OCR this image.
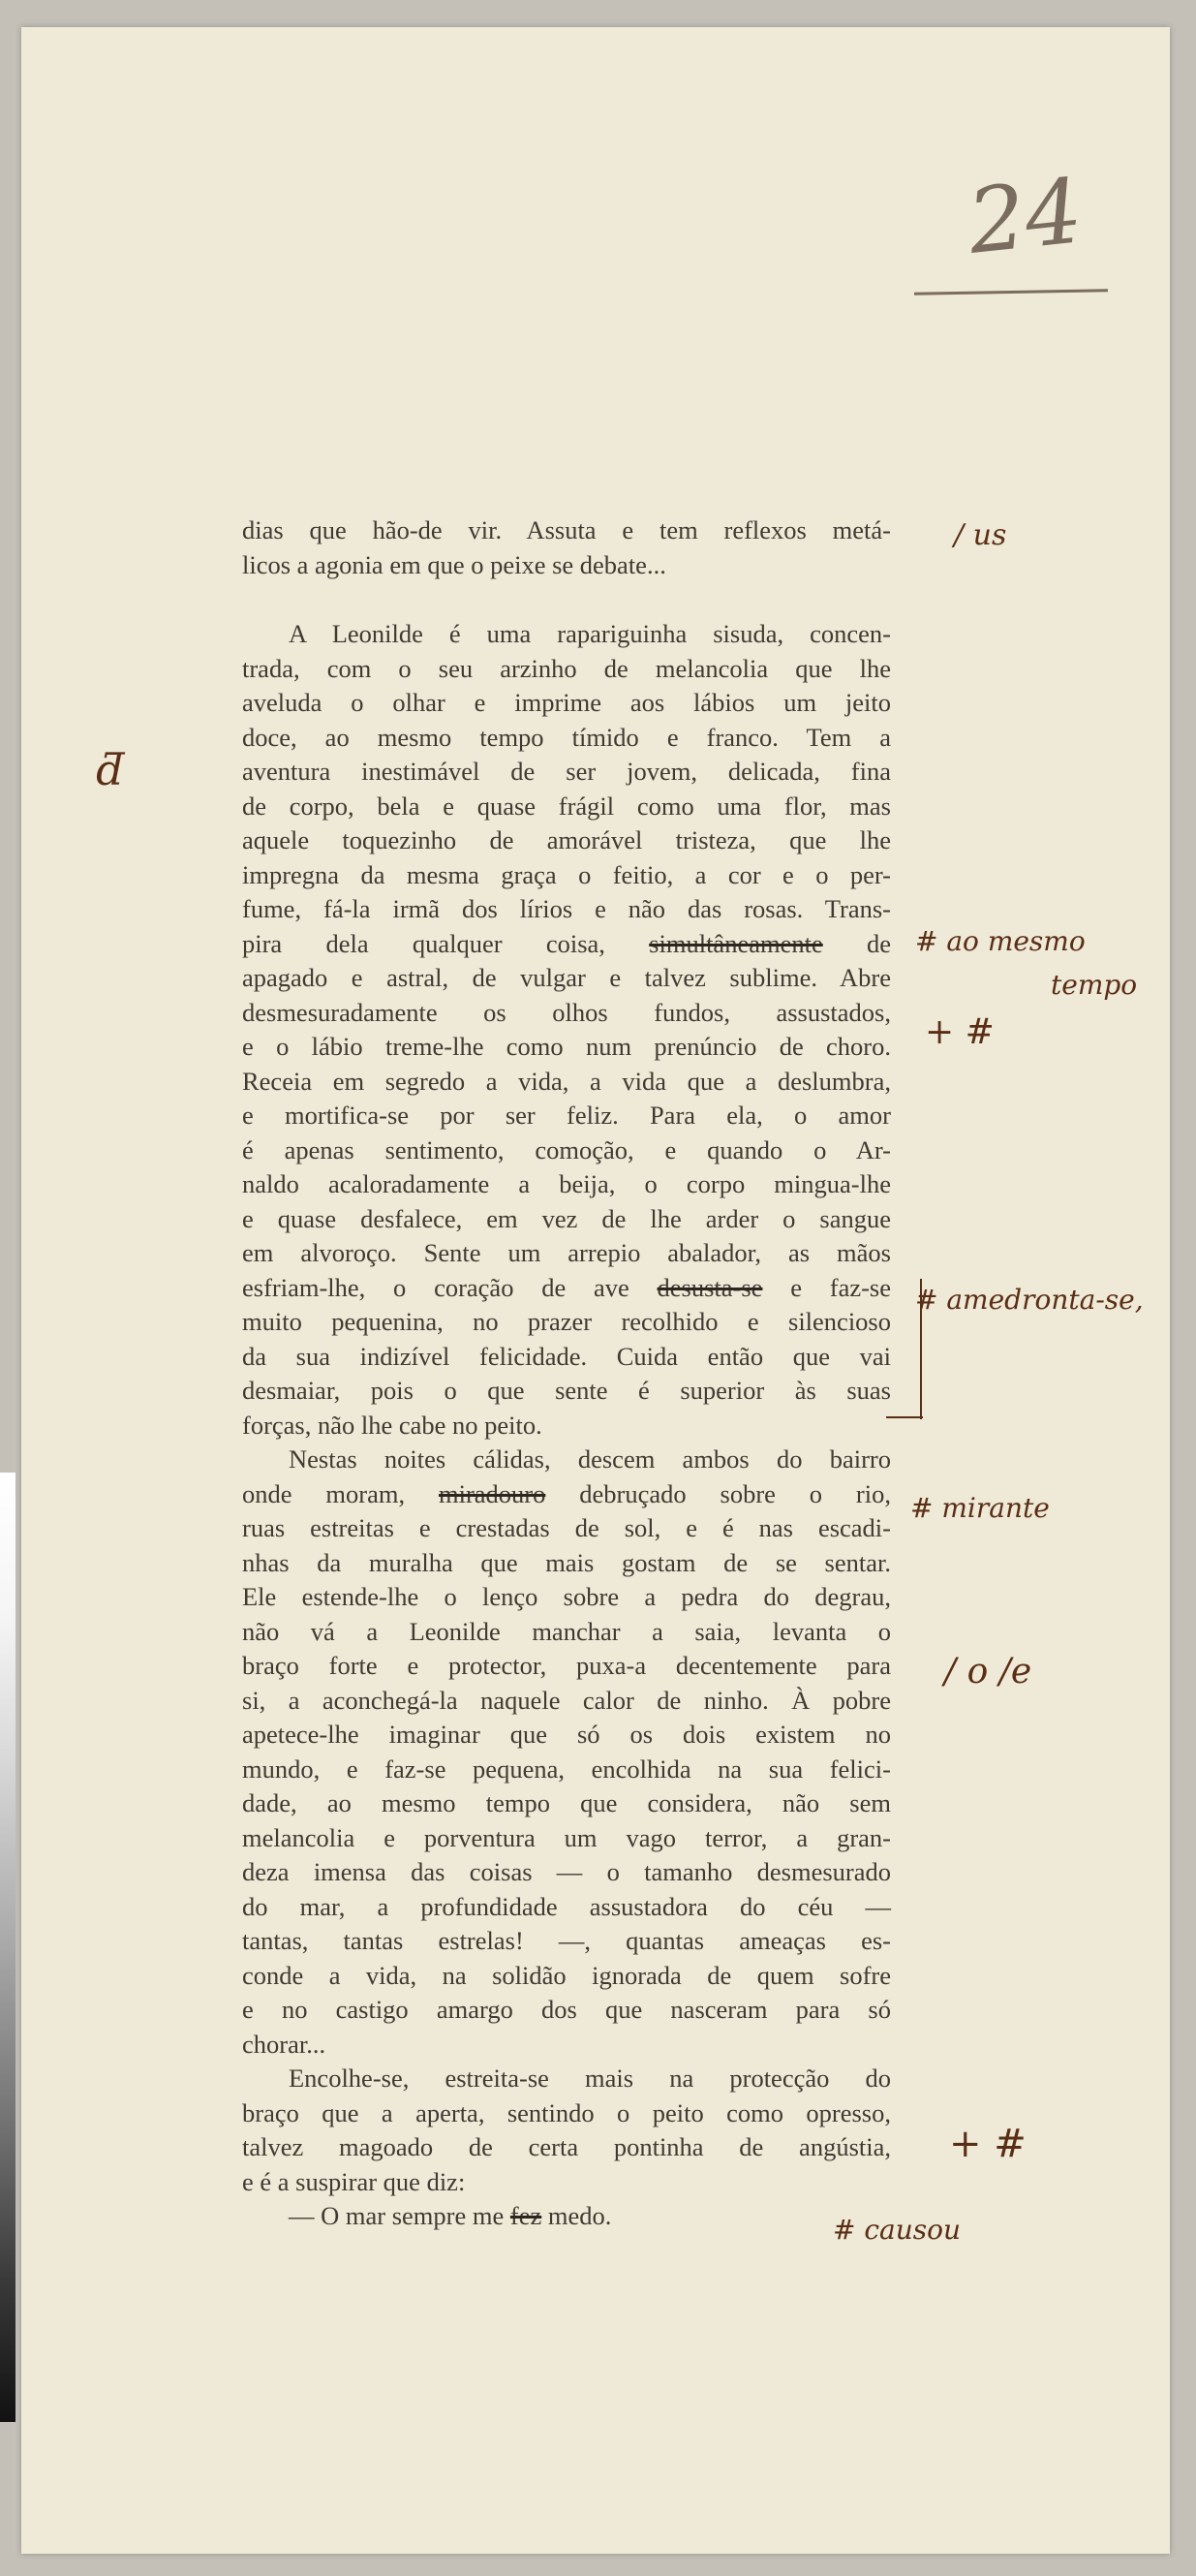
24
dias que hão-de vir. Assuta e tem reflexos metá-
licos a agonia em que o peixe se debate...
A Leonilde é uma rapariguinha sisuda, concen-
trada, com o seu arzinho de melancolia que lhe
aveluda o olhar e imprime aos lábios um jeito
doce, ao mesmo tempo tímido e franco. Tem a
aventura inestimável de ser jovem, delicada, fina
de corpo, bela e quase frágil como uma flor, mas
aquele toquezinho de amorável tristeza, que lhe
impregna da mesma graça o feitio, a cor e o per-
fume, fá-la irmã dos lírios e não das rosas. Trans-
pira dela qualquer coisa, simultâneamente de
apagado e astral, de vulgar e talvez sublime. Abre
desmesuradamente os olhos fundos, assustados,
e o lábio treme-lhe como num prenúncio de choro.
Receia em segredo a vida, a vida que a deslumbra,
e mortifica-se por ser feliz. Para ela, o amor
é apenas sentimento, comoção, e quando o Ar-
naldo acaloradamente a beija, o corpo mingua-lhe
e quase desfalece, em vez de lhe arder o sangue
em alvoroço. Sente um arrepio abalador, as mãos
esfriam-lhe, o coração de ave desusta-se e faz-se
muito pequenina, no prazer recolhido e silencioso
da sua indizível felicidade. Cuida então que vai
desmaiar, pois o que sente é superior às suas
forças, não lhe cabe no peito.
Nestas noites cálidas, descem ambos do bairro
onde moram, miradouro debruçado sobre o rio,
ruas estreitas e crestadas de sol, e é nas escadi-
nhas da muralha que mais gostam de se sentar.
Ele estende-lhe o lenço sobre a pedra do degrau,
não vá a Leonilde manchar a saia, levanta o
braço forte e protector, puxa-a decentemente para
si, a aconchegá-la naquele calor de ninho. À pobre
apetece-lhe imaginar que só os dois existem no
mundo, e faz-se pequena, encolhida na sua felici-
dade, ao mesmo tempo que considera, não sem
melancolia e porventura um vago terror, a gran-
deza imensa das coisas — o tamanho desmesurado
do mar, a profundidade assustadora do céu —
tantas, tantas estrelas! —, quantas ameaças es-
conde a vida, na solidão ignorada de quem sofre
e no castigo amargo dos que nasceram para só
chorar...
Encolhe-se, estreita-se mais na protecção do
braço que a aperta, sentindo o peito como opresso,
talvez magoado de certa pontinha de angústia,
e é a suspirar que diz:
— O mar sempre me fez medo.
ƌ
/ us
# ao mesmo
tempo
+ #
# amedronta-se,
# mirante
/ o /e
+ #
# causou
